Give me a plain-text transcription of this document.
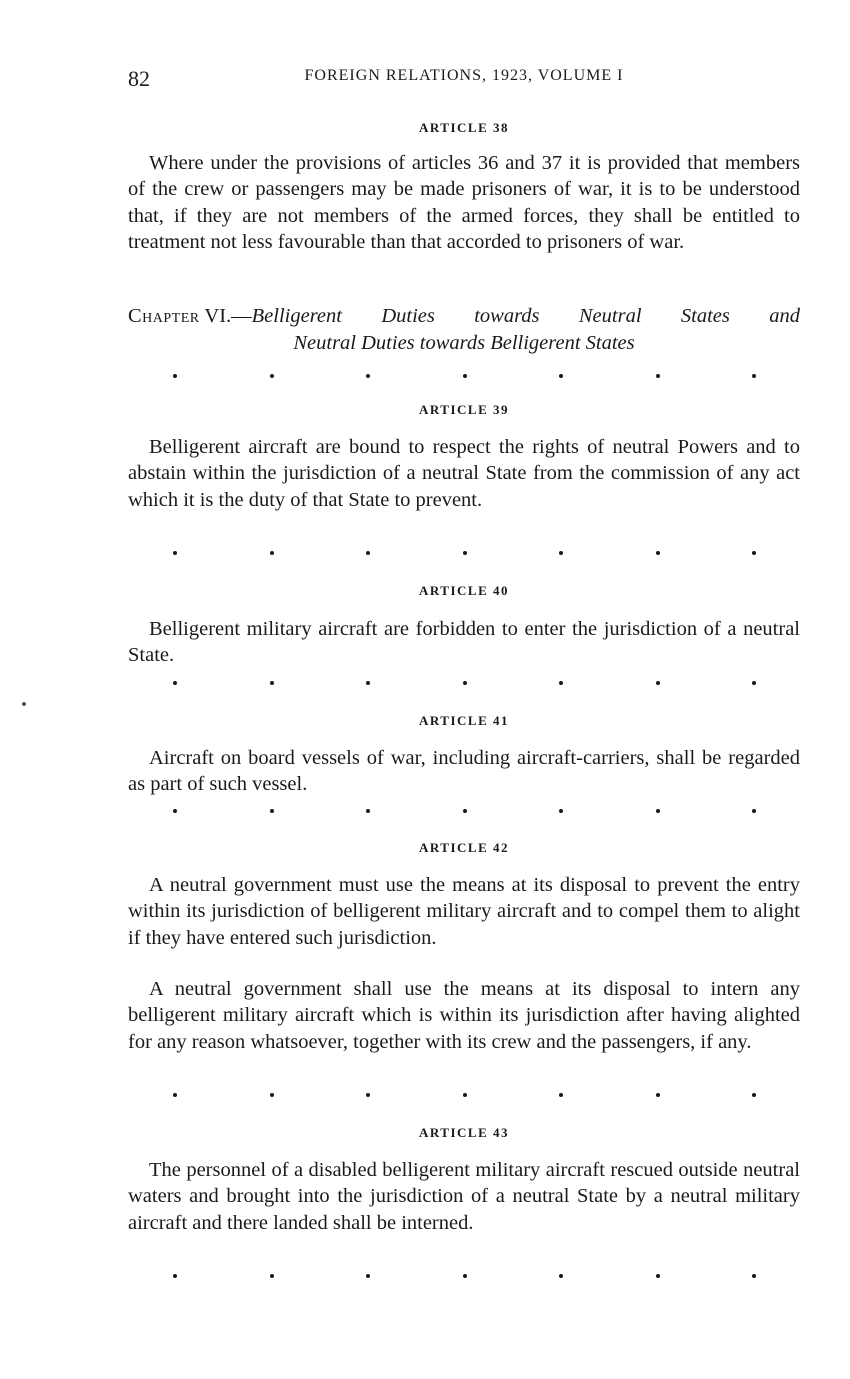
82	FOREIGN RELATIONS, 1923, VOLUME I
ARTICLE 38

Where under the provisions of articles 36 and 37 it is provided that members of the crew or passengers may be made prisoners of war, it is to be understood that, if they are not members of the armed forces, they shall be entitled to treatment not less favourable than that accorded to prisoners of war.

Chapter VI.—Belligerent Duties towards Neutral States and
Neutral Duties towards Belligerent States
ARTICLE 39

Belligerent aircraft are bound to respect the rights of neutral Powers and to abstain within the jurisdiction of a neutral State from the commission of any act which it is the duty of that State to prevent.

ARTICLE 40

Belligerent military aircraft are forbidden to enter the jurisdiction of a neutral State.

ARTICLE 41

Aircraft on board vessels of war, including aircraft-carriers, shall be regarded as part of such vessel.

ARTICLE 42

A neutral government must use the means at its disposal to prevent the entry within its jurisdiction of belligerent military aircraft and to compel them to alight if they have entered such jurisdiction.

A neutral government shall use the means at its disposal to intern any belligerent military aircraft which is within its jurisdiction after having alighted for any reason whatsoever, together with its crew and the passengers, if any.

ARTICLE 43

The personnel of a disabled belligerent military aircraft rescued outside neutral waters and brought into the jurisdiction of a neutral State by a neutral military aircraft and there landed shall be interned.
